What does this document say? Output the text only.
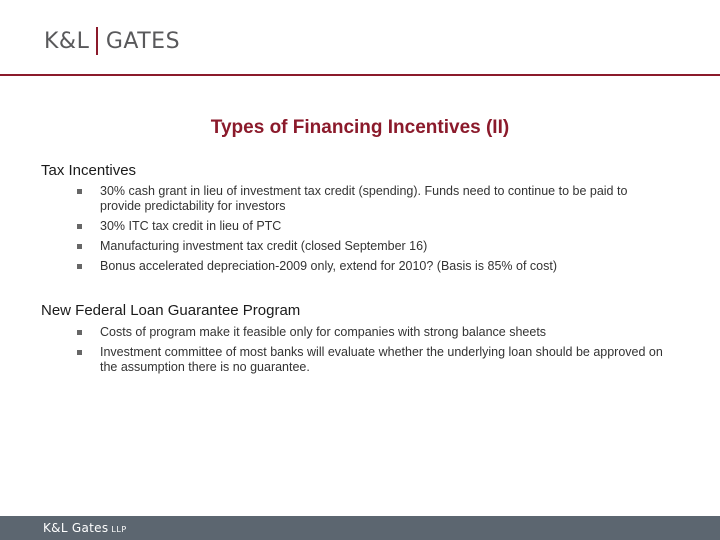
K&L GATES
Types of Financing Incentives (II)
Tax Incentives
30% cash grant in lieu of investment tax credit (spending). Funds need to continue to be paid to provide predictability for investors
30% ITC tax credit in lieu of PTC
Manufacturing investment tax credit (closed September 16)
Bonus accelerated depreciation-2009 only, extend for 2010? (Basis is 85% of cost)
New Federal Loan Guarantee Program
Costs of program make it feasible only for companies with strong balance sheets
Investment committee of most banks will evaluate whether the underlying loan should be approved on the assumption there is no guarantee.
K&L Gates LLP
